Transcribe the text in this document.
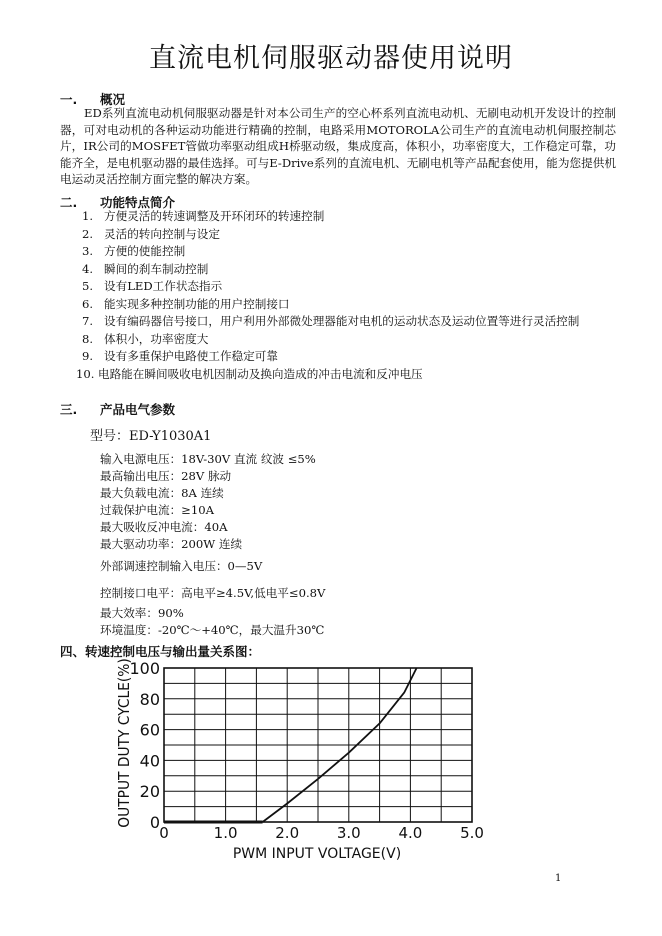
直流电机伺服驱动器使用说明
一. 概况
ED系列直流电动机伺服驱动器是针对本公司生产的空心杯系列直流电动机、无刷电动机开发设计的控制器，可对电动机的各种运动功能进行精确的控制，电路采用MOTOROLA公司生产的直流电动机伺服控制芯片，IR公司的MOSFET管做功率驱动组成H桥驱动级，集成度高，体积小，功率密度大，工作稳定可靠，功能齐全，是电机驱动器的最佳选择。可与E-Drive系列的直流电机、无刷电机等产品配套使用，能为您提供机电运动灵活控制方面完整的解决方案。
二. 功能特点简介
1. 方便灵活的转速调整及开环闭环的转速控制
2. 灵活的转向控制与设定
3. 方便的使能控制
4. 瞬间的刹车制动控制
5. 设有LED工作状态指示
6. 能实现多种控制功能的用户控制接口
7. 设有编码器信号接口，用户利用外部微处理器能对电机的运动状态及运动位置等进行灵活控制
8. 体积小，功率密度大
9. 设有多重保护电路使工作稳定可靠
10. 电路能在瞬间吸收电机因制动及换向造成的冲击电流和反冲电压
三. 产品电气参数
型号：ED-Y1030A1
输入电源电压：18V-30V 直流 纹波 ≤5%
最高输出电压：28V 脉动
最大负载电流：8A 连续
过载保护电流：≥10A
最大吸收反冲电流：40A
最大驱动功率：200W 连续
外部调速控制输入电压：0—5V
控制接口电平：高电平≥4.5V,低电平≤0.8V
最大效率：90%
环境温度：-20℃～+40℃，最大温升30℃
四、转速控制电压与输出量关系图：
0
20
40
60
80
100
0	1.0	2.0	3.0	4.0	5.0
OUTPUT DUTY CYCLE(%)
PWM INPUT VOLTAGE(V)
1
